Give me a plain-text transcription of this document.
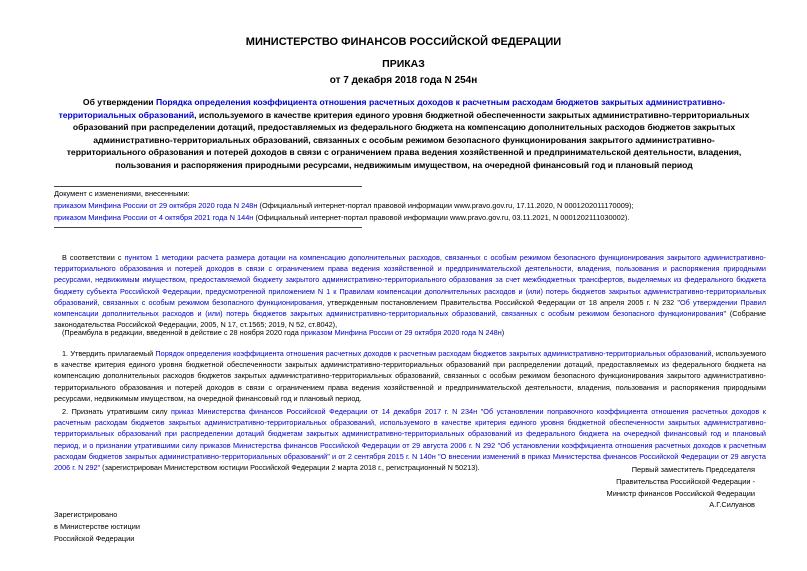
МИНИСТЕРСТВО ФИНАНСОВ РОССИЙСКОЙ ФЕДЕРАЦИИ
ПРИКАЗ
от 7 декабря 2018 года N 254н
Об утверждении Порядка определения коэффициента отношения расчетных доходов к расчетным расходам бюджетов закрытых административно-территориальных образований, используемого в качестве критерия единого уровня бюджетной обеспеченности закрытых административно-территориальных образований при распределении дотаций, предоставляемых из федерального бюджета на компенсацию дополнительных расходов бюджетов закрытых административно-территориальных образований, связанных с особым режимом безопасного функционирования закрытого административно-территориального образования и потерей доходов в связи с ограничением права ведения хозяйственной и предпринимательской деятельности, владения, пользования и распоряжения природными ресурсами, недвижимым имуществом, на очередной финансовый год и плановый период
Документ с изменениями, внесенными:
приказом Минфина России от 29 октября 2020 года N 248н (Официальный интернет-портал правовой информации www.pravo.gov.ru, 17.11.2020, N 0001202011170009);
приказом Минфина России от 4 октября 2021 года N 144н (Официальный интернет-портал правовой информации www.pravo.gov.ru, 03.11.2021, N 0001202111030002).
В соответствии с пунктом 1 методики расчета размера дотации на компенсацию дополнительных расходов, связанных с особым режимом безопасного функционирования закрытого административно-территориального образования и потерей доходов в связи с ограничением права ведения хозяйственной и предпринимательской деятельности, владения, пользования и распоряжения природными ресурсами, недвижимым имуществом, предоставляемой бюджету закрытого административно-территориального образования за счет межбюджетных трансфертов, выделяемых из федерального бюджета бюджету субъекта Российской Федерации, предусмотренной приложением N 1 к Правилам компенсации дополнительных расходов и (или) потерь бюджетов закрытых административно-территориальных образований, связанных с особым режимом безопасного функционирования, утвержденным постановлением Правительства Российской Федерации от 18 апреля 2005 г. N 232 "Об утверждении Правил компенсации дополнительных расходов и (или) потерь бюджетов закрытых административно-территориальных образований, связанных с особым режимом безопасного функционирования" (Собрание законодательства Российской Федерации, 2005, N 17, ст.1565; 2019, N 52, ст.8042),
(Преамбула в редакции, введенной в действие с 28 ноября 2020 года приказом Минфина России от 29 октября 2020 года N 248н)
1. Утвердить прилагаемый Порядок определения коэффициента отношения расчетных доходов к расчетным расходам бюджетов закрытых административно-территориальных образований, используемого в качестве критерия единого уровня бюджетной обеспеченности закрытых административно-территориальных образований при распределении дотаций, предоставляемых из федерального бюджета на компенсацию дополнительных расходов бюджетов закрытых административно-территориальных образований, связанных с особым режимом безопасного функционирования закрытого административно-территориального образования и потерей доходов в связи с ограничением права ведения хозяйственной и предпринимательской деятельности, владения, пользования и распоряжения природными ресурсами, недвижимым имуществом, на очередной финансовый год и плановый период.
2. Признать утратившим силу приказ Министерства финансов Российской Федерации от 14 декабря 2017 г. N 234н "Об установлении поправочного коэффициента отношения расчетных доходов к расчетным расходам бюджетов закрытых административно-территориальных образований, используемого в качестве критерия единого уровня бюджетной обеспеченности закрытых административно-территориальных образований при распределении дотаций бюджетам закрытых административно-территориальных образований из федерального бюджета на очередной финансовый год и плановый период, и о признании утратившими силу приказов Министерства финансов Российской Федерации от 29 августа 2006 г. N 292 "Об установлении коэффициента отношения расчетных доходов к расчетным расходам бюджетов закрытых административно-территориальных образований" и от 2 сентября 2015 г. N 140н "О внесении изменений в приказ Министерства финансов Российской Федерации от 29 августа 2006 г. N 292" (зарегистрирован Министерством юстиции Российской Федерации 2 марта 2018 г., регистрационный N 50213).	Первый заместитель Председателя
Правительства Российской Федерации -
Министр финансов Российской Федерации
А.Г.Силуанов
Зарегистрировано
в Министерстве юстиции
Российской Федерации
